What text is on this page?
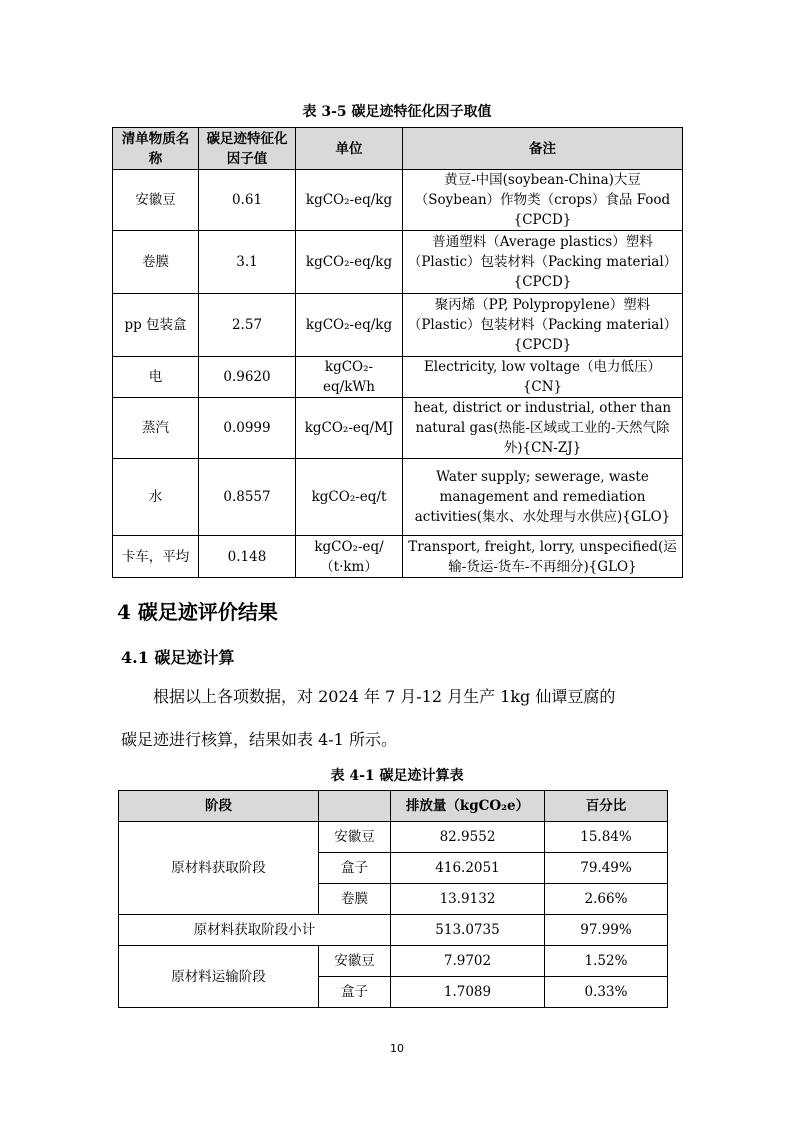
表 3-5 碳足迹特征化因子取值
清单物质名称	碳足迹特征化因子值	单位	备注
安徽豆	0.61	kgCO₂-eq/kg	黄豆-中国(soybean-China)大豆（Soybean）作物类（crops）食品 Food {CPCD}
卷膜	3.1	kgCO₂-eq/kg	普通塑料（Average plastics）塑料（Plastic）包装材料（Packing material）{CPCD}
pp 包装盒	2.57	kgCO₂-eq/kg	聚丙烯（PP, Polypropylene）塑料（Plastic）包装材料（Packing material）{CPCD}
电	0.9620	kgCO₂-eq/kWh	Electricity, low voltage（电力低压）{CN}
蒸汽	0.0999	kgCO₂-eq/MJ	heat, district or industrial, other than natural gas(热能-区域或工业的-天然气除外){CN-ZJ}
水	0.8557	kgCO₂-eq/t	Water supply; sewerage, waste management and remediation activities(集水、水处理与水供应){GLO}
卡车，平均	0.148	kgCO₂-eq/（t·km）	Transport, freight, lorry, unspecified(运输-货运-货车-不再细分){GLO}
4 碳足迹评价结果
4.1 碳足迹计算
根据以上各项数据，对 2024 年 7 月-12 月生产 1kg 仙谭豆腐的
碳足迹进行核算，结果如表 4-1 所示。
表 4-1 碳足迹计算表
阶段		排放量（kgCO₂e）	百分比
原材料获取阶段	安徽豆	82.9552	15.84%
	盒子	416.2051	79.49%
	卷膜	13.9132	2.66%
原材料获取阶段小计		513.0735	97.99%
原材料运输阶段	安徽豆	7.9702	1.52%
	盒子	1.7089	0.33%
10
